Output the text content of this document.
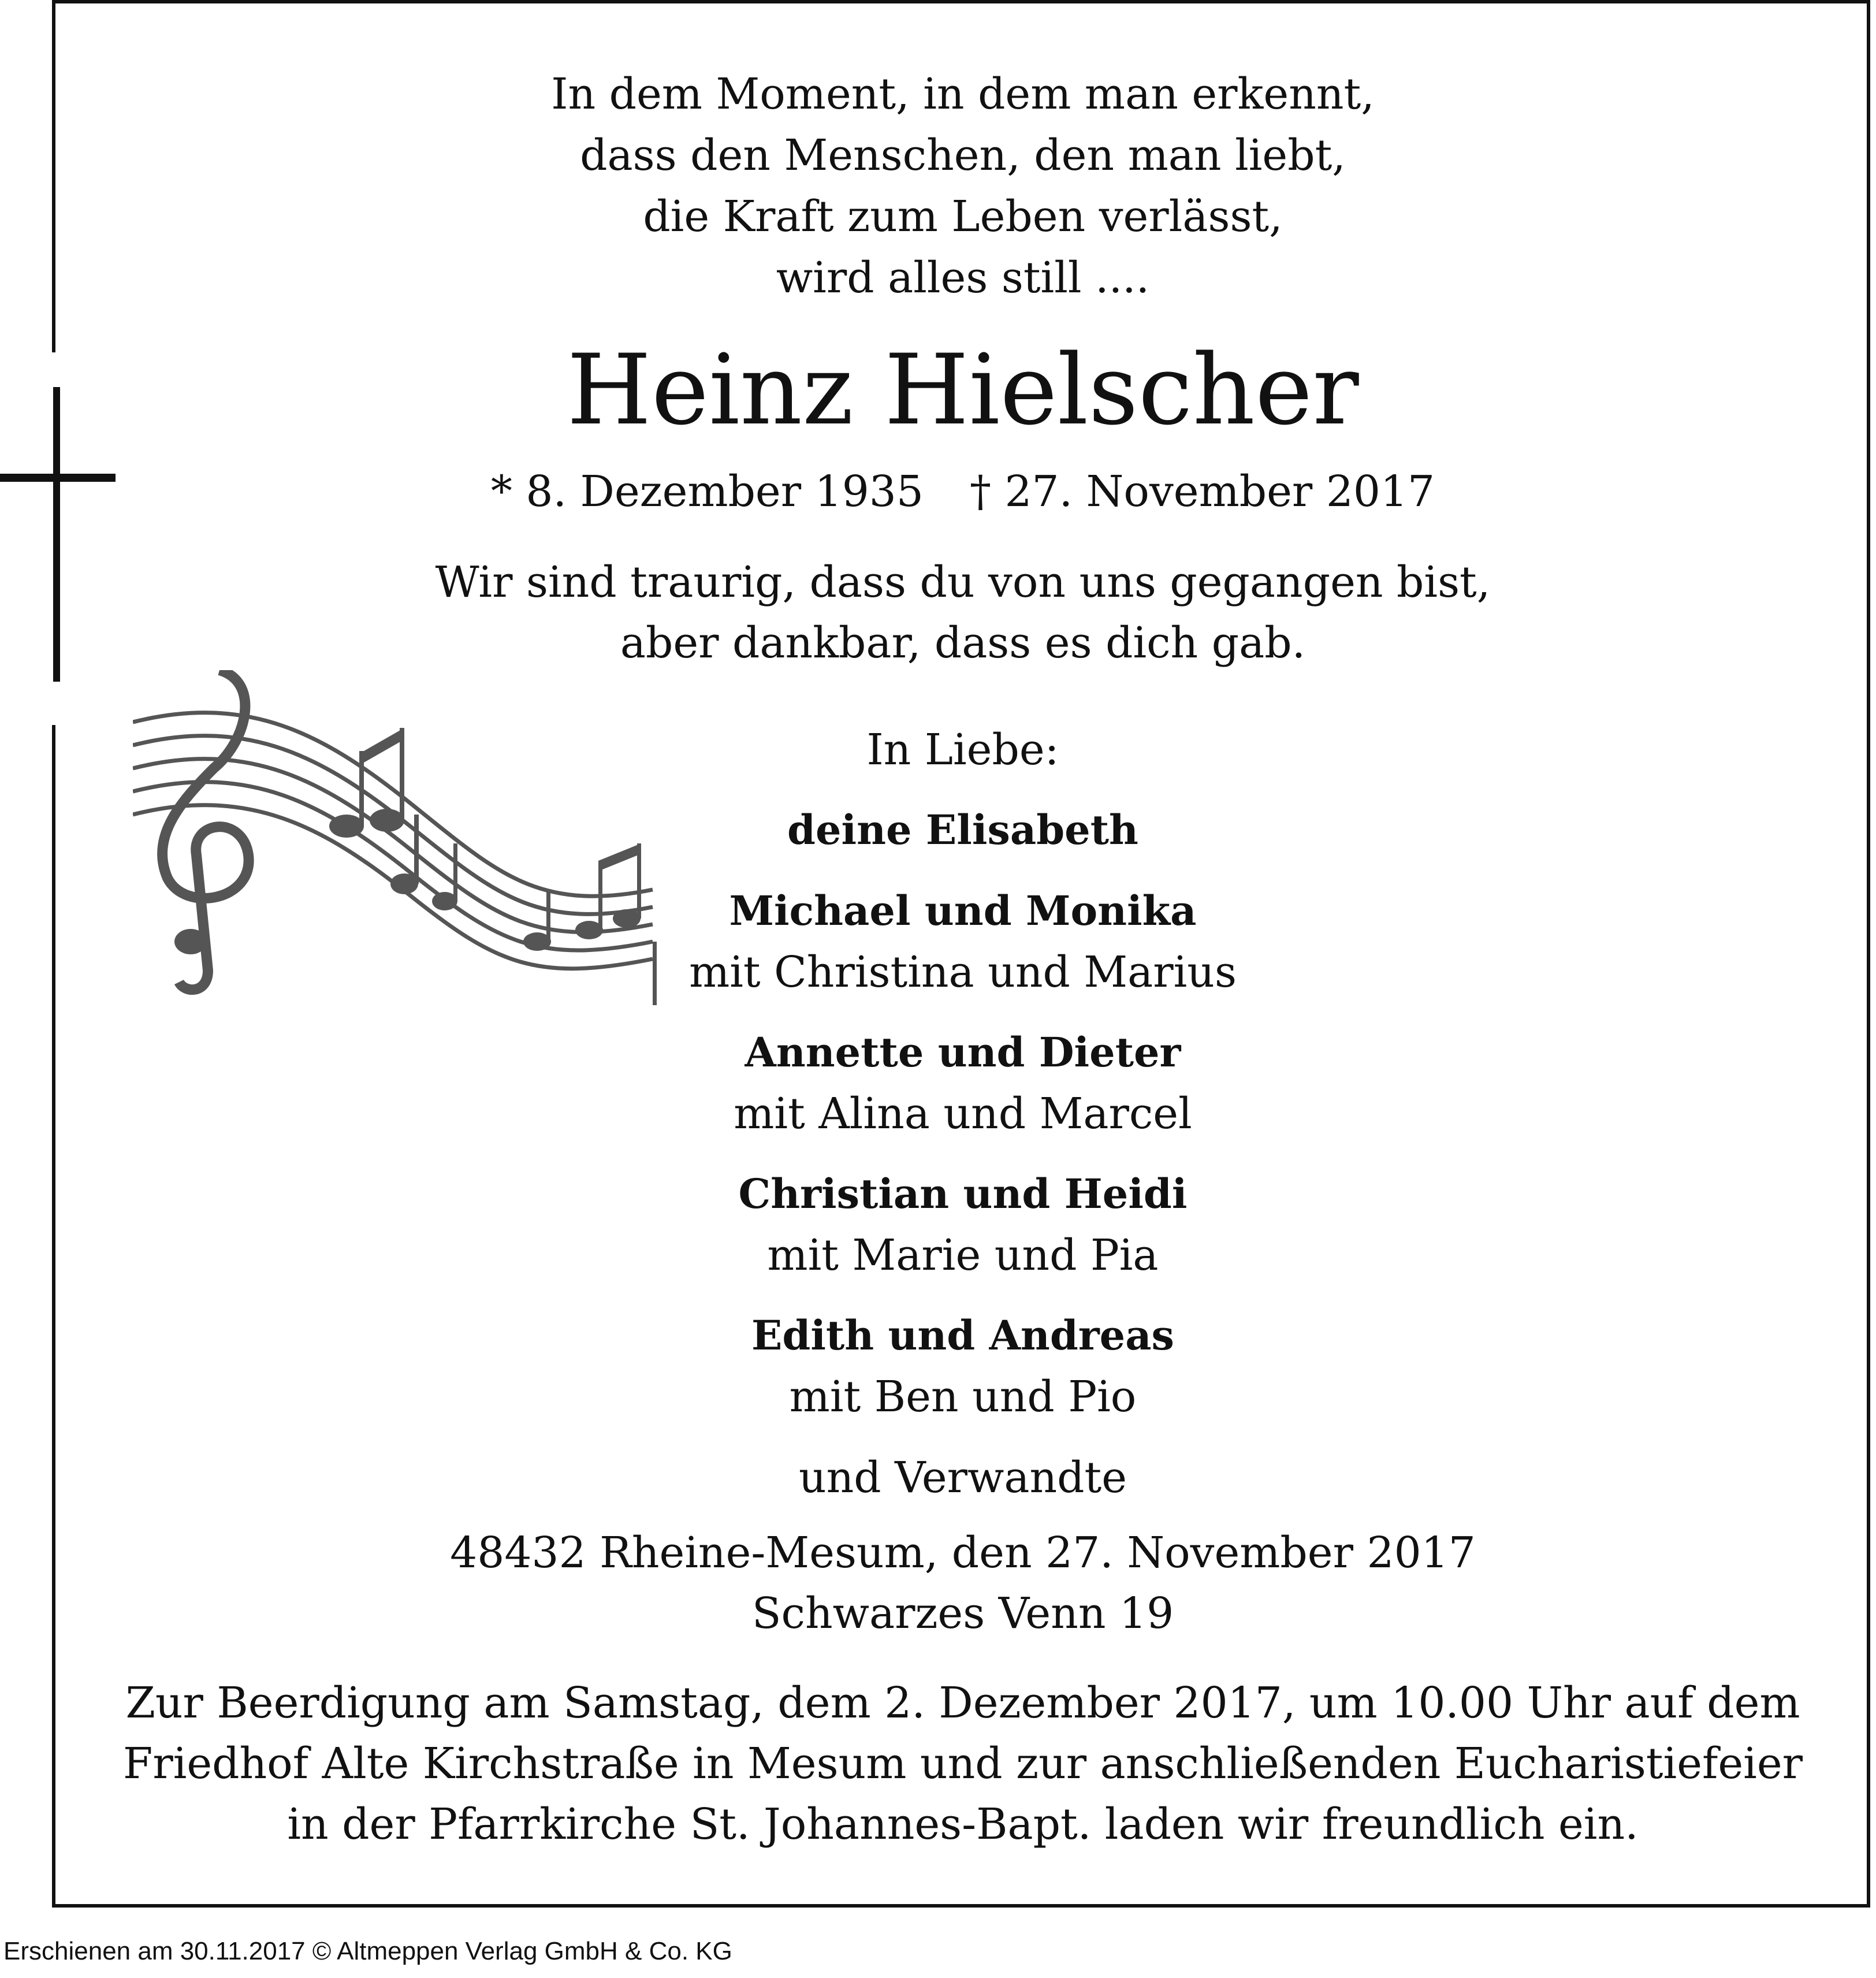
In dem Moment, in dem man erkennt,
dass den Menschen, den man liebt,
die Kraft zum Leben verlässt,
wird alles still ....
Heinz Hielscher
* 8. Dezember 1935 † 27. November 2017
Wir sind traurig, dass du von uns gegangen bist,
aber dankbar, dass es dich gab.
In Liebe:
deine Elisabeth
Michael und Monika
mit Christina und Marius
Annette und Dieter
mit Alina und Marcel
Christian und Heidi
mit Marie und Pia
Edith und Andreas
mit Ben und Pio
und Verwandte
48432 Rheine-Mesum, den 27. November 2017
Schwarzes Venn 19
Zur Beerdigung am Samstag, dem 2. Dezember 2017, um 10.00 Uhr auf dem
Friedhof Alte Kirchstraße in Mesum und zur anschließenden Eucharistiefeier
in der Pfarrkirche St. Johannes-Bapt. laden wir freundlich ein.
Erschienen am 30.11.2017 © Altmeppen Verlag GmbH & Co. KG
